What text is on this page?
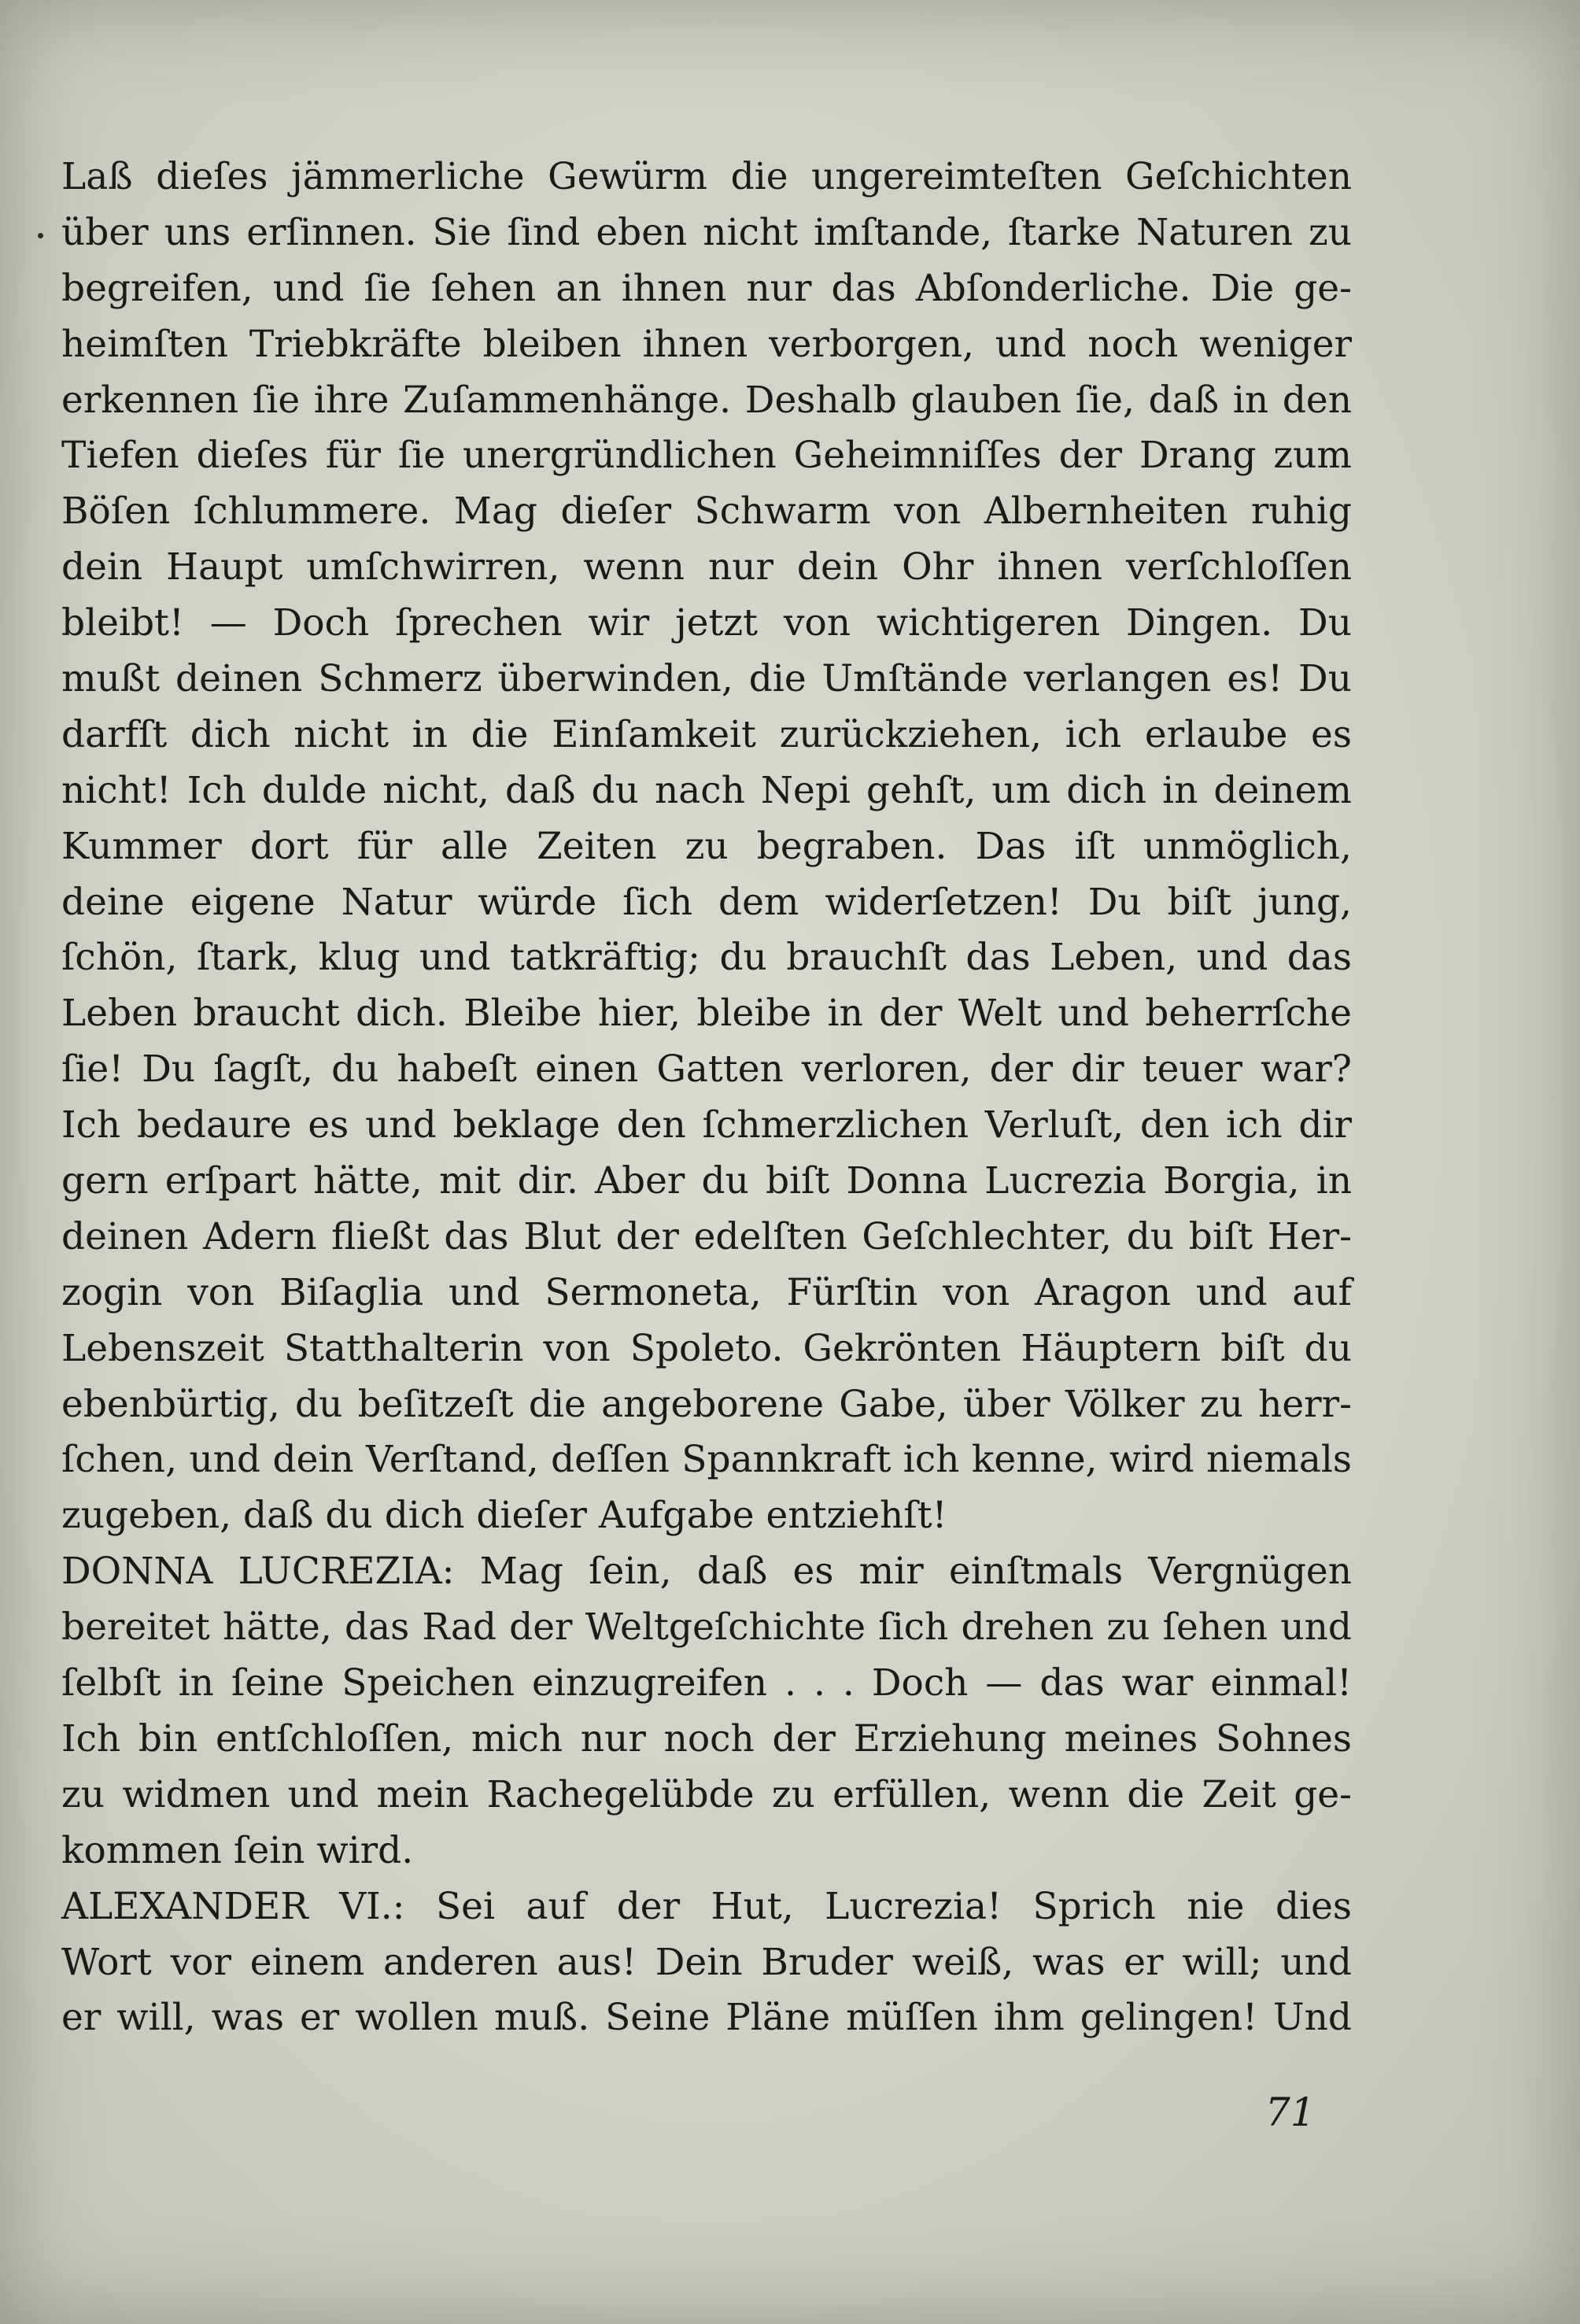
Laß dieſes jämmerliche Gewürm die ungereimteſten Geſchichten
über uns erſinnen. Sie ſind eben nicht imſtande, ſtarke Naturen zu
begreifen, und ſie ſehen an ihnen nur das Abſonderliche. Die ge-
heimſten Triebkräfte bleiben ihnen verborgen, und noch weniger
erkennen ſie ihre Zuſammenhänge. Deshalb glauben ſie, daß in den
Tiefen dieſes für ſie unergründlichen Geheimniſſes der Drang zum
Böſen ſchlummere. Mag dieſer Schwarm von Albernheiten ruhig
dein Haupt umſchwirren, wenn nur dein Ohr ihnen verſchloſſen
bleibt! — Doch ſprechen wir jetzt von wichtigeren Dingen. Du
mußt deinen Schmerz überwinden, die Umſtände verlangen es! Du
darfſt dich nicht in die Einſamkeit zurückziehen, ich erlaube es
nicht! Ich dulde nicht, daß du nach Nepi gehſt, um dich in deinem
Kummer dort für alle Zeiten zu begraben. Das iſt unmöglich,
deine eigene Natur würde ſich dem widerſetzen! Du biſt jung,
ſchön, ſtark, klug und tatkräftig; du brauchſt das Leben, und das
Leben braucht dich. Bleibe hier, bleibe in der Welt und beherrſche
ſie! Du ſagſt, du habeſt einen Gatten verloren, der dir teuer war?
Ich bedaure es und beklage den ſchmerzlichen Verluſt, den ich dir
gern erſpart hätte, mit dir. Aber du biſt Donna Lucrezia Borgia, in
deinen Adern fließt das Blut der edelſten Geſchlechter, du biſt Her-
zogin von Biſaglia und Sermoneta, Fürſtin von Aragon und auf
Lebenszeit Statthalterin von Spoleto. Gekrönten Häuptern biſt du
ebenbürtig, du beſitzeſt die angeborene Gabe, über Völker zu herr-
ſchen, und dein Verſtand, deſſen Spannkraft ich kenne, wird niemals
zugeben, daß du dich dieſer Aufgabe entziehſt!
DONNA LUCREZIA: Mag ſein, daß es mir einſtmals Vergnügen
bereitet hätte, das Rad der Weltgeſchichte ſich drehen zu ſehen und
ſelbſt in ſeine Speichen einzugreifen . . . Doch — das war einmal!
Ich bin entſchloſſen, mich nur noch der Erziehung meines Sohnes
zu widmen und mein Rachegelübde zu erfüllen, wenn die Zeit ge-
kommen ſein wird.
ALEXANDER VI.: Sei auf der Hut, Lucrezia! Sprich nie dies
Wort vor einem anderen aus! Dein Bruder weiß, was er will; und
er will, was er wollen muß. Seine Pläne müſſen ihm gelingen! Und
71
